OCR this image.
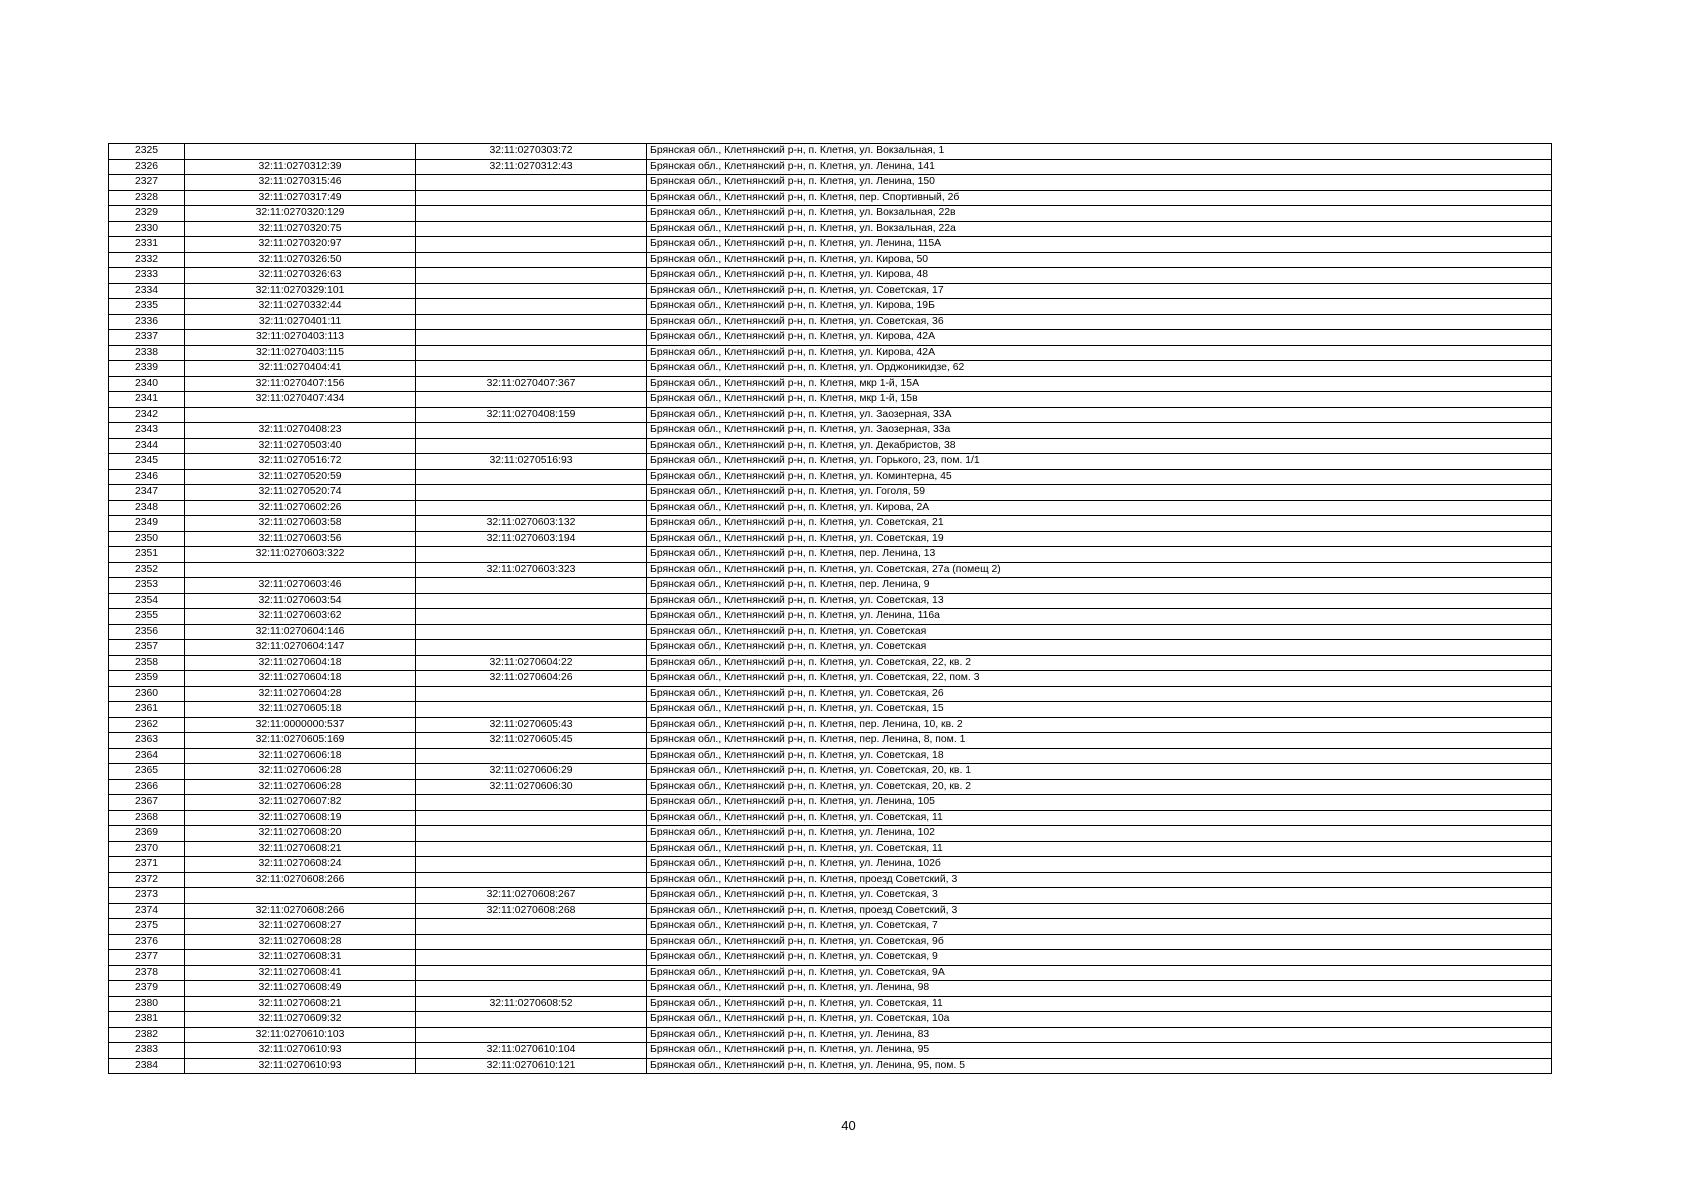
2325		32:11:0270303:72	Брянская обл., Клетнянский р-н, п. Клетня, ул. Вокзальная, 1
2326	32:11:0270312:39	32:11:0270312:43	Брянская обл., Клетнянский р-н, п. Клетня, ул. Ленина, 141
2327	32:11:0270315:46		Брянская обл., Клетнянский р-н, п. Клетня, ул. Ленина, 150
2328	32:11:0270317:49		Брянская обл., Клетнянский р-н, п. Клетня, пер. Спортивный, 2б
2329	32:11:0270320:129		Брянская обл., Клетнянский р-н, п. Клетня, ул. Вокзальная, 22в
2330	32:11:0270320:75		Брянская обл., Клетнянский р-н, п. Клетня, ул. Вокзальная, 22а
2331	32:11:0270320:97		Брянская обл., Клетнянский р-н, п. Клетня, ул. Ленина, 115А
2332	32:11:0270326:50		Брянская обл., Клетнянский р-н, п. Клетня, ул. Кирова, 50
2333	32:11:0270326:63		Брянская обл., Клетнянский р-н, п. Клетня, ул. Кирова, 48
2334	32:11:0270329:101		Брянская обл., Клетнянский р-н, п. Клетня, ул. Советская, 17
2335	32:11:0270332:44		Брянская обл., Клетнянский р-н, п. Клетня, ул. Кирова, 19Б
2336	32:11:0270401:11		Брянская обл., Клетнянский р-н, п. Клетня, ул. Советская, 36
2337	32:11:0270403:113		Брянская обл., Клетнянский р-н, п. Клетня, ул. Кирова, 42А
2338	32:11:0270403:115		Брянская обл., Клетнянский р-н, п. Клетня, ул. Кирова, 42А
2339	32:11:0270404:41		Брянская обл., Клетнянский р-н, п. Клетня, ул. Орджоникидзе, 62
2340	32:11:0270407:156	32:11:0270407:367	Брянская обл., Клетнянский р-н, п. Клетня, мкр 1-й, 15А
2341	32:11:0270407:434		Брянская обл., Клетнянский р-н, п. Клетня, мкр 1-й, 15в
2342		32:11:0270408:159	Брянская обл., Клетнянский р-н, п. Клетня, ул. Заозерная, 33А
2343	32:11:0270408:23		Брянская обл., Клетнянский р-н, п. Клетня, ул. Заозерная, 33а
2344	32:11:0270503:40		Брянская обл., Клетнянский р-н, п. Клетня, ул. Декабристов, 38
2345	32:11:0270516:72	32:11:0270516:93	Брянская обл., Клетнянский р-н, п. Клетня, ул. Горького, 23, пом. 1/1
2346	32:11:0270520:59		Брянская обл., Клетнянский р-н, п. Клетня, ул. Коминтерна, 45
2347	32:11:0270520:74		Брянская обл., Клетнянский р-н, п. Клетня, ул. Гоголя, 59
2348	32:11:0270602:26		Брянская обл., Клетнянский р-н, п. Клетня, ул. Кирова, 2А
2349	32:11:0270603:58	32:11:0270603:132	Брянская обл., Клетнянский р-н, п. Клетня, ул. Советская, 21
2350	32:11:0270603:56	32:11:0270603:194	Брянская обл., Клетнянский р-н, п. Клетня, ул. Советская, 19
2351	32:11:0270603:322		Брянская обл., Клетнянский р-н, п. Клетня, пер. Ленина, 13
2352		32:11:0270603:323	Брянская обл., Клетнянский р-н, п. Клетня, ул. Советская, 27а (помещ 2)
2353	32:11:0270603:46		Брянская обл., Клетнянский р-н, п. Клетня, пер. Ленина, 9
2354	32:11:0270603:54		Брянская обл., Клетнянский р-н, п. Клетня, ул. Советская, 13
2355	32:11:0270603:62		Брянская обл., Клетнянский р-н, п. Клетня, ул. Ленина, 116а
2356	32:11:0270604:146		Брянская обл., Клетнянский р-н, п. Клетня, ул. Советская
2357	32:11:0270604:147		Брянская обл., Клетнянский р-н, п. Клетня, ул. Советская
2358	32:11:0270604:18	32:11:0270604:22	Брянская обл., Клетнянский р-н, п. Клетня, ул. Советская, 22, кв. 2
2359	32:11:0270604:18	32:11:0270604:26	Брянская обл., Клетнянский р-н, п. Клетня, ул. Советская, 22, пом. 3
2360	32:11:0270604:28		Брянская обл., Клетнянский р-н, п. Клетня, ул. Советская, 26
2361	32:11:0270605:18		Брянская обл., Клетнянский р-н, п. Клетня, ул. Советская, 15
2362	32:11:0000000:537	32:11:0270605:43	Брянская обл., Клетнянский р-н, п. Клетня, пер. Ленина, 10, кв. 2
2363	32:11:0270605:169	32:11:0270605:45	Брянская обл., Клетнянский р-н, п. Клетня, пер. Ленина, 8, пом. 1
2364	32:11:0270606:18		Брянская обл., Клетнянский р-н, п. Клетня, ул. Советская, 18
2365	32:11:0270606:28	32:11:0270606:29	Брянская обл., Клетнянский р-н, п. Клетня, ул. Советская, 20, кв. 1
2366	32:11:0270606:28	32:11:0270606:30	Брянская обл., Клетнянский р-н, п. Клетня, ул. Советская, 20, кв. 2
2367	32:11:0270607:82		Брянская обл., Клетнянский р-н, п. Клетня, ул. Ленина, 105
2368	32:11:0270608:19		Брянская обл., Клетнянский р-н, п. Клетня, ул. Советская, 11
2369	32:11:0270608:20		Брянская обл., Клетнянский р-н, п. Клетня, ул. Ленина, 102
2370	32:11:0270608:21		Брянская обл., Клетнянский р-н, п. Клетня, ул. Советская, 11
2371	32:11:0270608:24		Брянская обл., Клетнянский р-н, п. Клетня, ул. Ленина, 102б
2372	32:11:0270608:266		Брянская обл., Клетнянский р-н, п. Клетня, проезд Советский, 3
2373		32:11:0270608:267	Брянская обл., Клетнянский р-н, п. Клетня, ул. Советская, 3
2374	32:11:0270608:266	32:11:0270608:268	Брянская обл., Клетнянский р-н, п. Клетня, проезд Советский, 3
2375	32:11:0270608:27		Брянская обл., Клетнянский р-н, п. Клетня, ул. Советская, 7
2376	32:11:0270608:28		Брянская обл., Клетнянский р-н, п. Клетня, ул. Советская, 9б
2377	32:11:0270608:31		Брянская обл., Клетнянский р-н, п. Клетня, ул. Советская, 9
2378	32:11:0270608:41		Брянская обл., Клетнянский р-н, п. Клетня, ул. Советская, 9А
2379	32:11:0270608:49		Брянская обл., Клетнянский р-н, п. Клетня, ул. Ленина, 98
2380	32:11:0270608:21	32:11:0270608:52	Брянская обл., Клетнянский р-н, п. Клетня, ул. Советская, 11
2381	32:11:0270609:32		Брянская обл., Клетнянский р-н, п. Клетня, ул. Советская, 10а
2382	32:11:0270610:103		Брянская обл., Клетнянский р-н, п. Клетня, ул. Ленина, 83
2383	32:11:0270610:93	32:11:0270610:104	Брянская обл., Клетнянский р-н, п. Клетня, ул. Ленина, 95
2384	32:11:0270610:93	32:11:0270610:121	Брянская обл., Клетнянский р-н, п. Клетня, ул. Ленина, 95, пом. 5
40
